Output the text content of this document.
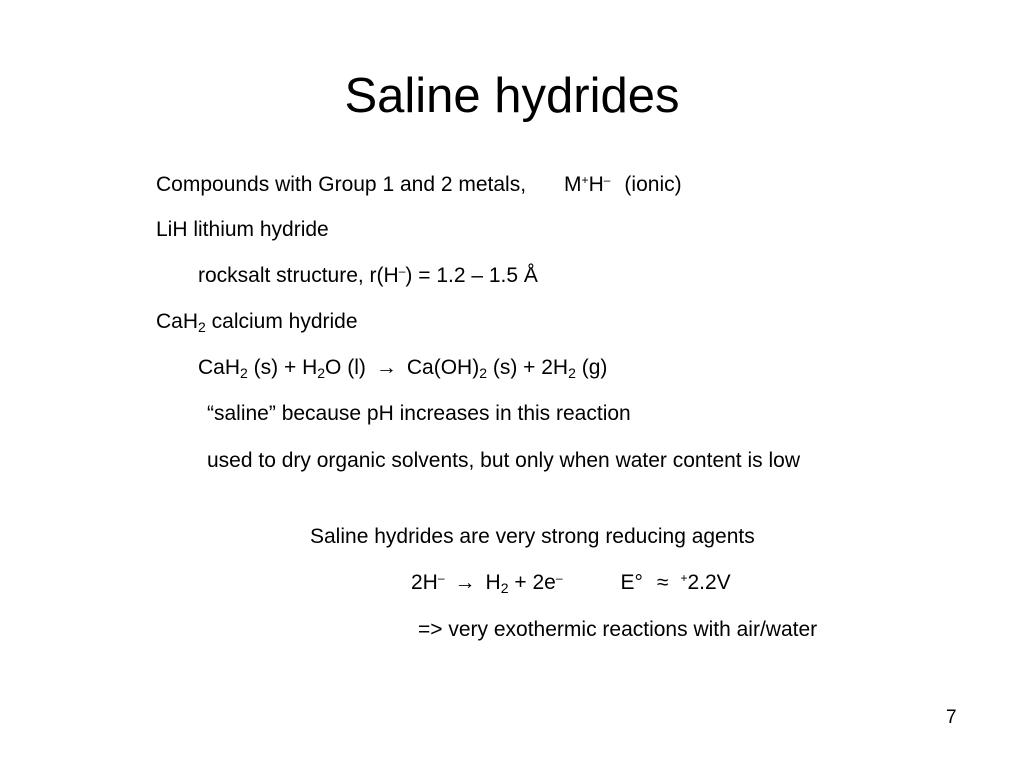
Saline hydrides
Compounds with Group 1 and 2 metals, M+H– (ionic)
LiH lithium hydride
rocksalt structure, r(H–) = 1.2 – 1.5 Å
CaH$_2$ calcium hydride
CaH$_2$ $(s) + H_2O$ $(l) \to Ca(OH)_2$ $(s) + 2H_2$ (g)
“saline” because pH increases in this reaction
used to dry organic solvents, but only when water content is low
Saline hydrides are very strong reducing agents
$2H^- \to H_2 + 2e^-$	E° ≈ +2.2V
=> very exothermic reactions with air/water
7
